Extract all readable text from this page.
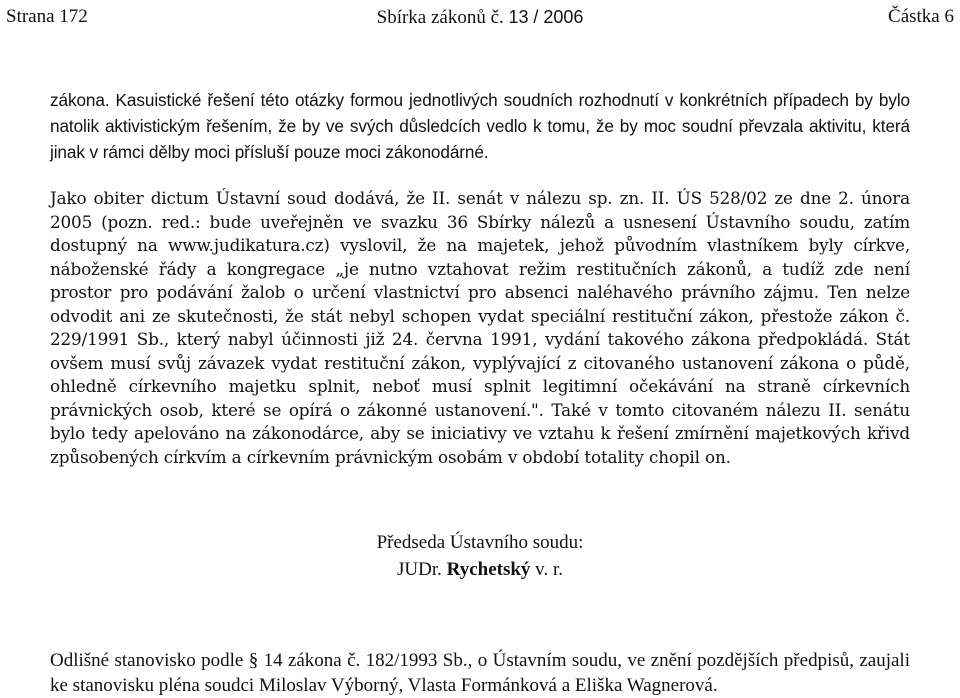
Strana 172	Sbírka zákonů č. 13 / 2006	Částka 6
zákona. Kasuistické řešení této otázky formou jednotlivých soudních rozhodnutí v konkrétních případech by bylo natolik aktivistickým řešením, že by ve svých důsledcích vedlo k tomu, že by moc soudní převzala aktivitu, která jinak v rámci dělby moci přísluší pouze moci zákonodárné.
Jako obiter dictum Ústavní soud dodává, že II. senát v nálezu sp. zn. II. ÚS 528/02 ze dne 2. února 2005 (pozn. red.: bude uveřejněn ve svazku 36 Sbírky nálezů a usnesení Ústavního soudu, zatím dostupný na www.judikatura.cz) vyslovil, že na majetek, jehož původním vlastníkem byly církve, náboženské řády a kongregace „je nutno vztahovat režim restitučních zákonů, a tudíž zde není prostor pro podávání žalob o určení vlastnictví pro absenci naléhavého právního zájmu. Ten nelze odvodit ani ze skutečnosti, že stát nebyl schopen vydat speciální restituční zákon, přestože zákon č. 229/1991 Sb., který nabyl účinnosti již 24. června 1991, vydání takového zákona předpokládá. Stát ovšem musí svůj závazek vydat restituční zákon, vyplývající z citovaného ustanovení zákona o půdě, ohledně církevního majetku splnit, neboť musí splnit legitimní očekávání na straně církevních právnických osob, které se opírá o zákonné ustanovení.". Také v tomto citovaném nálezu II. senátu bylo tedy apelováno na zákonodárce, aby se iniciativy ve vztahu k řešení zmírnění majetkových křivd způsobených církvím a církevním právnickým osobám v období totality chopil on.
Předseda Ústavního soudu:
JUDr. Rychetský v. r.
Odlišné stanovisko podle § 14 zákona č. 182/1993 Sb., o Ústavním soudu, ve znění pozdějších předpisů, zaujali ke stanovisku pléna soudci Miloslav Výborný, Vlasta Formánková a Eliška Wagnerová.
